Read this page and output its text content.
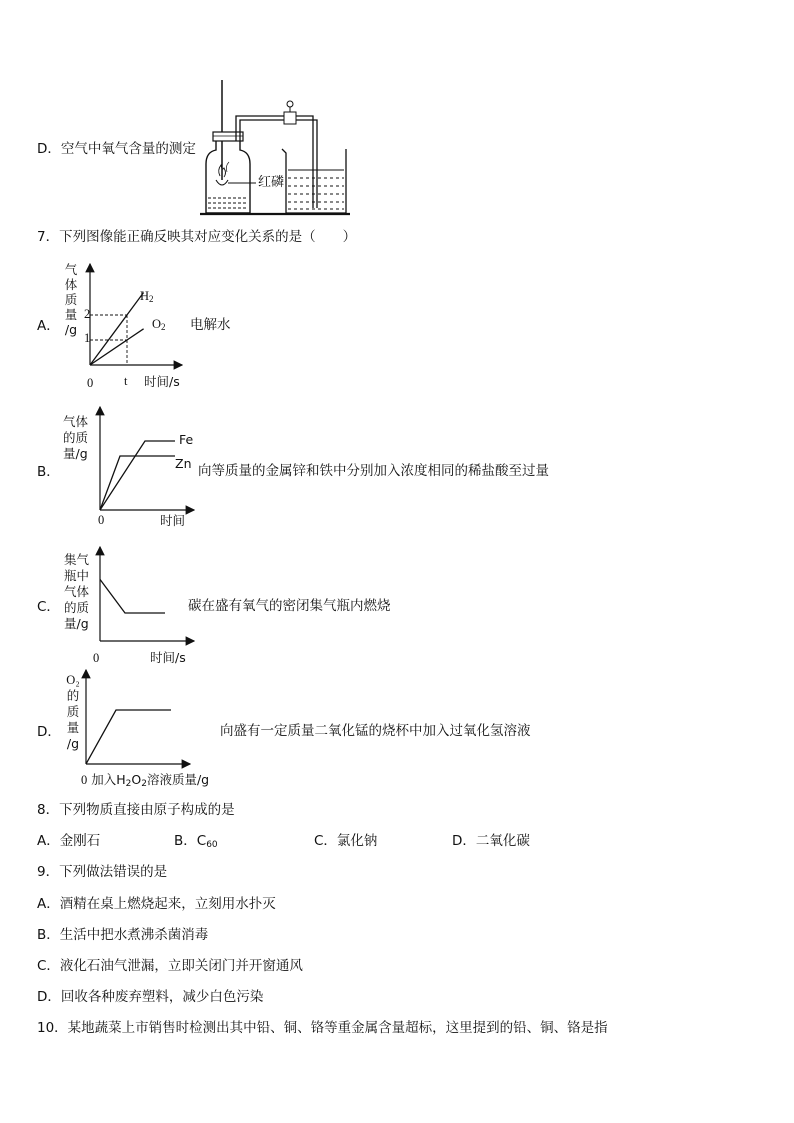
D．空气中氧气含量的测定
红磷
7．下列图像能正确反映其对应变化关系的是（　　）
A．
气
体
质
量
/g
2
1
0 t 时间/s
$H_2$
$O_2$ 电解水
B．
气体
的质
量/g
Fe
Zn
0	时间
向等质量的金属锌和铁中分别加入浓度相同的稀盐酸至过量
C．
集气
瓶中
气体
的质
量/g
0	时间/s
碳在盛有氧气的密闭集气瓶内燃烧
D．
O₂
的
质
量
/g
0 加入$H_2O_2$溶液质量/g
向盛有一定质量二氧化锰的烧杯中加入过氧化氢溶液
8．下列物质直接由原子构成的是
A．金刚石	B．$C_{60}$	C．氯化钠	D．二氧化碳
9．下列做法错误的是
A．酒精在桌上燃烧起来，立刻用水扑灭
B．生活中把水煮沸杀菌消毒
C．液化石油气泄漏，立即关闭门并开窗通风
D．回收各种废弃塑料，减少白色污染
10．某地蔬菜上市销售时检测出其中铅、铜、铬等重金属含量超标，这里提到的铅、铜、铬是指
